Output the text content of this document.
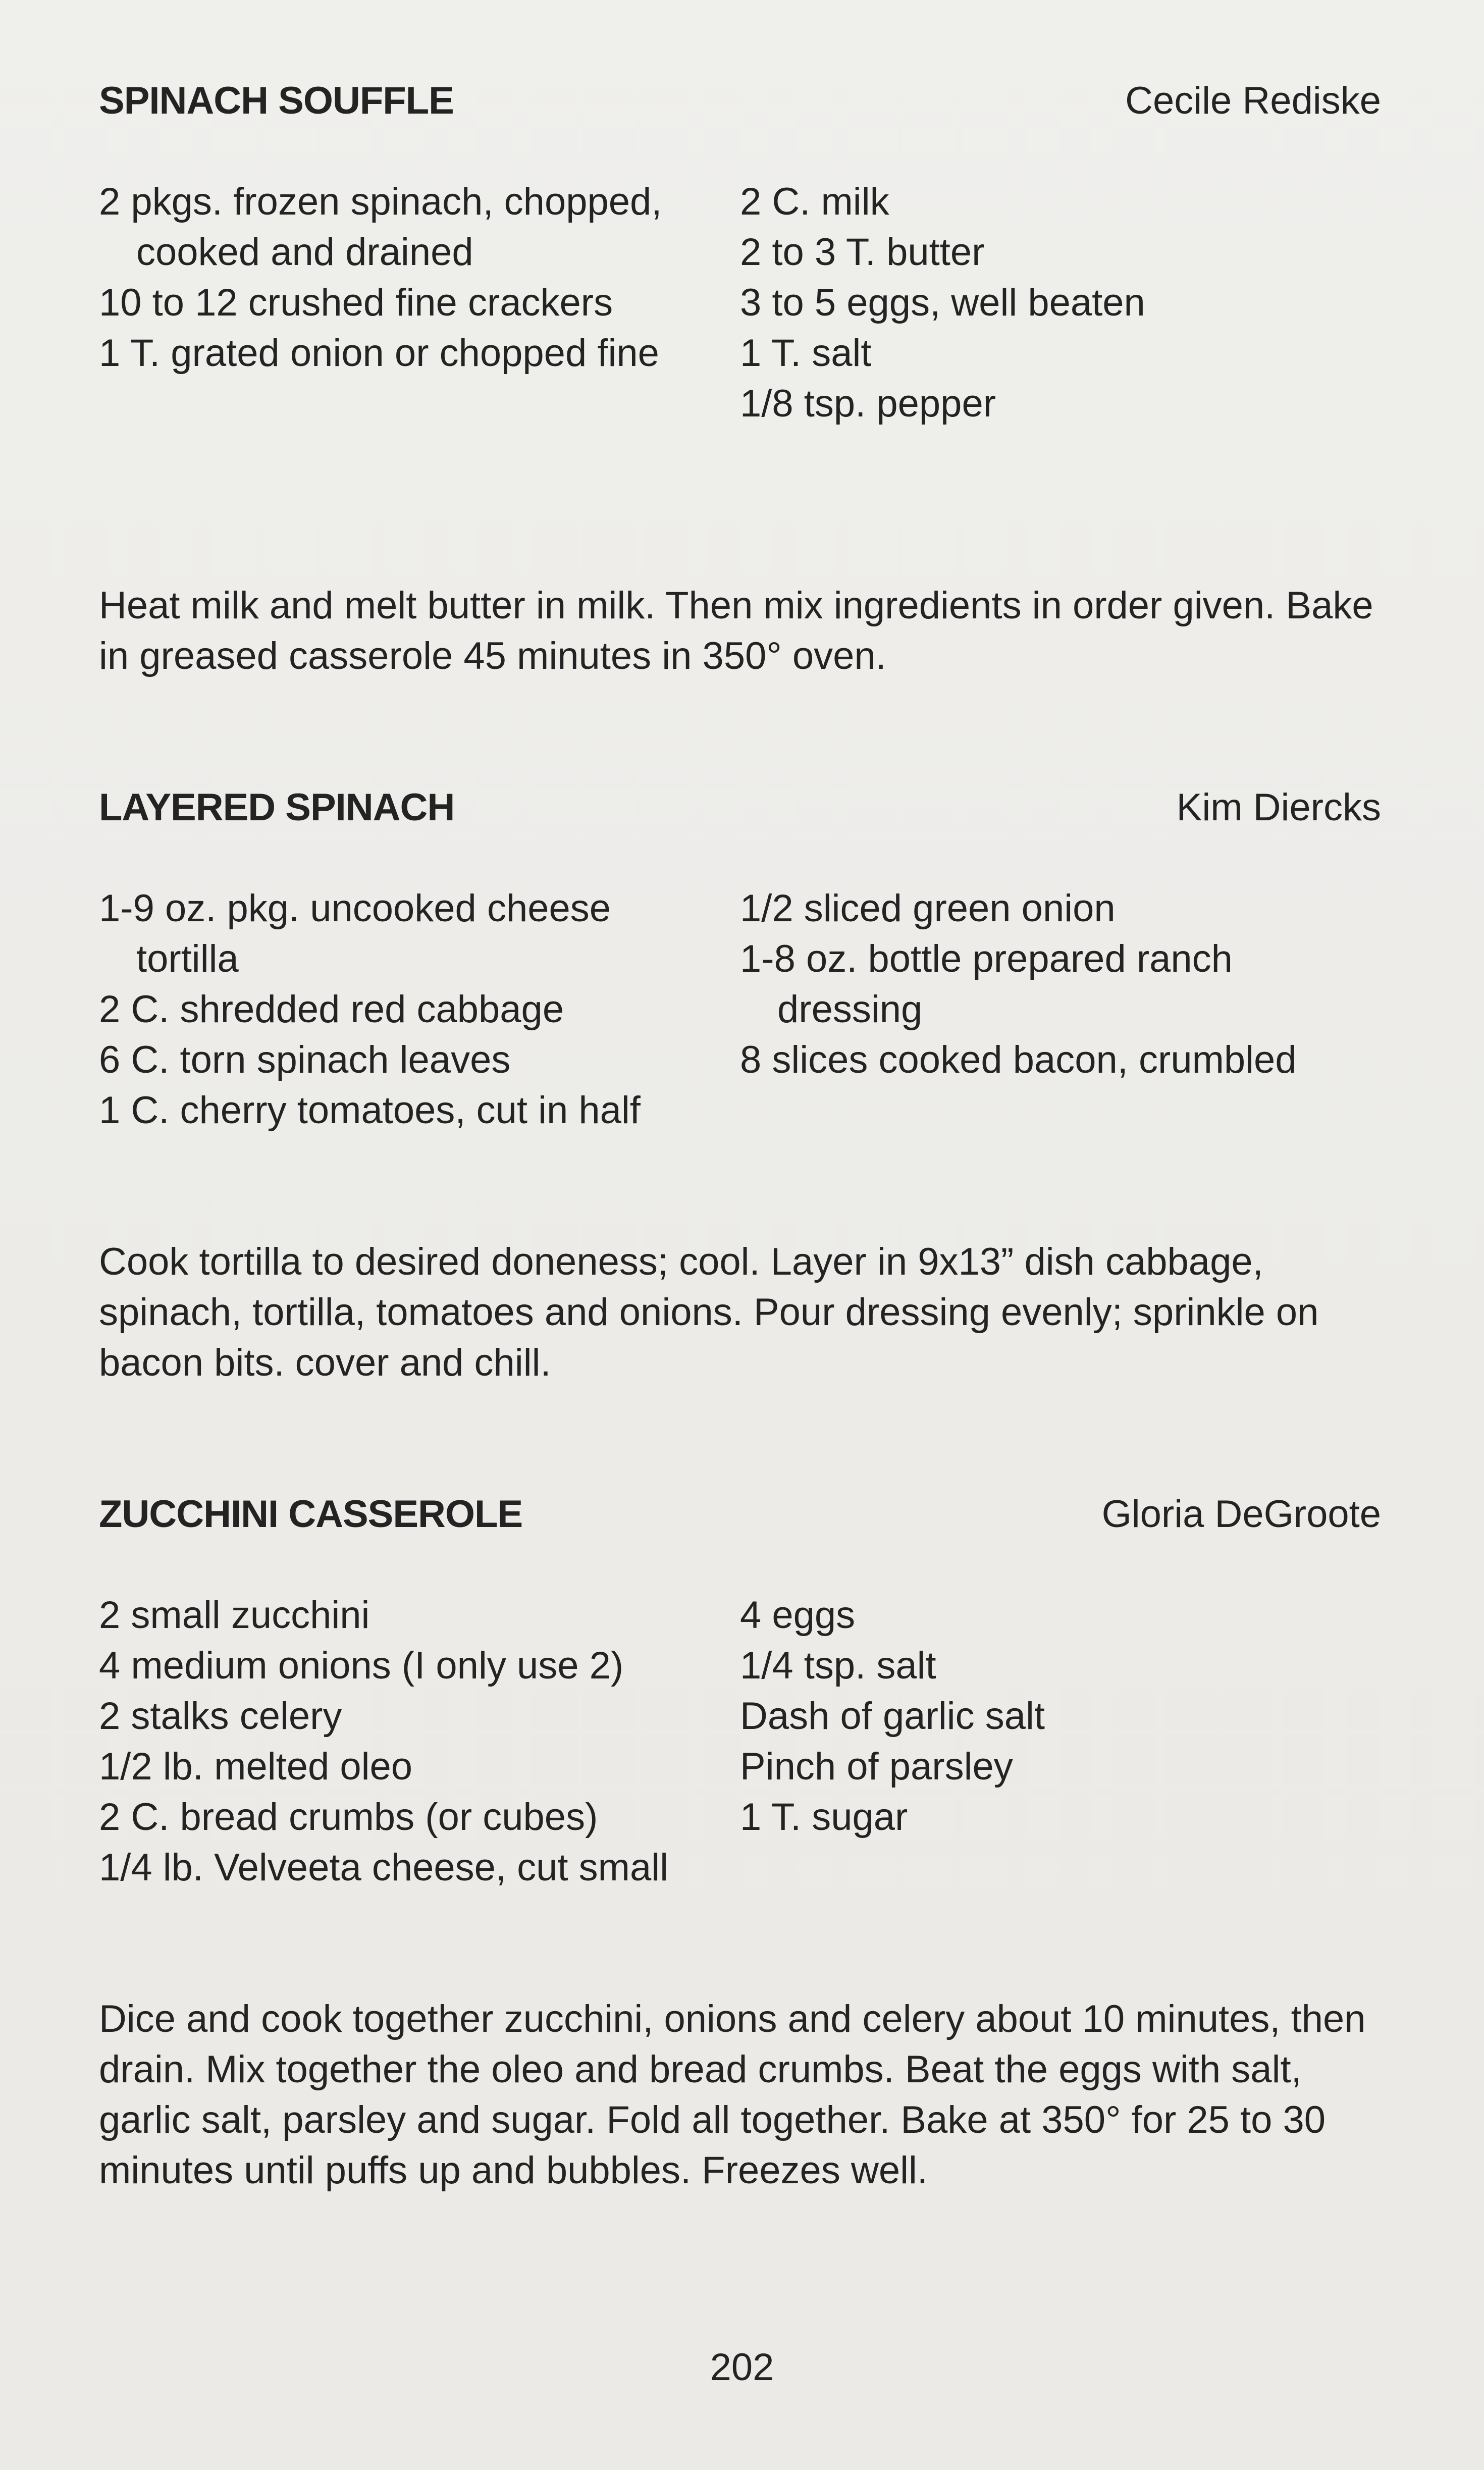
SPINACH SOUFFLE	Cecile Rediske
2 pkgs. frozen spinach, chopped, cooked and drained
10 to 12 crushed fine crackers
1 T. grated onion or chopped fine
2 C. milk
2 to 3 T. butter
3 to 5 eggs, well beaten
1 T. salt
1/8 tsp. pepper

Heat milk and melt butter in milk. Then mix ingredients in order given. Bake in greased casserole 45 minutes in 350° oven.

LAYERED SPINACH	Kim Diercks
1-9 oz. pkg. uncooked cheese tortilla
2 C. shredded red cabbage
6 C. torn spinach leaves
1 C. cherry tomatoes, cut in half
1/2 sliced green onion
1-8 oz. bottle prepared ranch dressing
8 slices cooked bacon, crumbled

Cook tortilla to desired doneness; cool. Layer in 9x13” dish cabbage, spinach, tortilla, tomatoes and onions. Pour dressing evenly; sprinkle on bacon bits. cover and chill.

ZUCCHINI CASSEROLE	Gloria DeGroote
2 small zucchini
4 medium onions (I only use 2)
2 stalks celery
1/2 lb. melted oleo
2 C. bread crumbs (or cubes)
1/4 lb. Velveeta cheese, cut small
4 eggs
1/4 tsp. salt
Dash of garlic salt
Pinch of parsley
1 T. sugar

Dice and cook together zucchini, onions and celery about 10 minutes, then drain. Mix together the oleo and bread crumbs. Beat the eggs with salt, garlic salt, parsley and sugar. Fold all together. Bake at 350° for 25 to 30 minutes until puffs up and bubbles. Freezes well.

202
